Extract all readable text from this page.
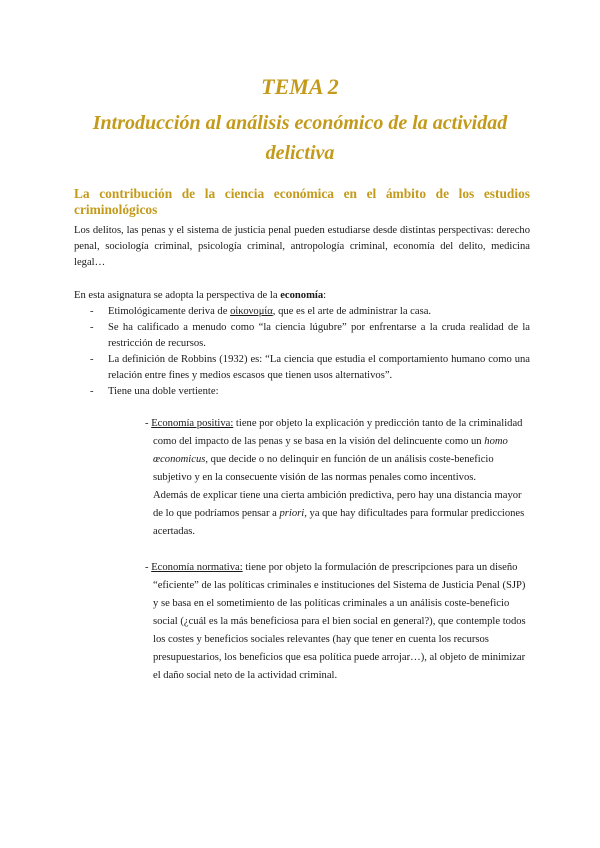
TEMA 2
Introducción al análisis económico de la actividad delictiva
La contribución de la ciencia económica en el ámbito de los estudios criminológicos
Los delitos, las penas y el sistema de justicia penal pueden estudiarse desde distintas perspectivas: derecho penal, sociología criminal, psicología criminal, antropología criminal, economía del delito, medicina legal…
En esta asignatura se adopta la perspectiva de la economía:
- Etimológicamente deriva de οἰκονομία, que es el arte de administrar la casa.
- Se ha calificado a menudo como “la ciencia lúgubre” por enfrentarse a la cruda realidad de la restricción de recursos.
- La definición de Robbins (1932) es: “La ciencia que estudia el comportamiento humano como una relación entre fines y medios escasos que tienen usos alternativos”.
- Tiene una doble vertiente:
- Economía positiva: tiene por objeto la explicación y predicción tanto de la criminalidad como del impacto de las penas y se basa en la visión del delincuente como un homo œconomicus, que decide o no delinquir en función de un análisis coste-beneficio subjetivo y en la consecuente visión de las normas penales como incentivos.
Además de explicar tiene una cierta ambición predictiva, pero hay una distancia mayor de lo que podríamos pensar a priori, ya que hay dificultades para formular predicciones acertadas.
- Economía normativa: tiene por objeto la formulación de prescripciones para un diseño “eficiente” de las políticas criminales e instituciones del Sistema de Justicia Penal (SJP) y se basa en el sometimiento de las políticas criminales a un análisis coste-beneficio social (¿cuál es la más beneficiosa para el bien social en general?), que contemple todos los costes y beneficios sociales relevantes (hay que tener en cuenta los recursos presupuestarios, los beneficios que esa política puede arrojar…), al objeto de minimizar el daño social neto de la actividad criminal.
